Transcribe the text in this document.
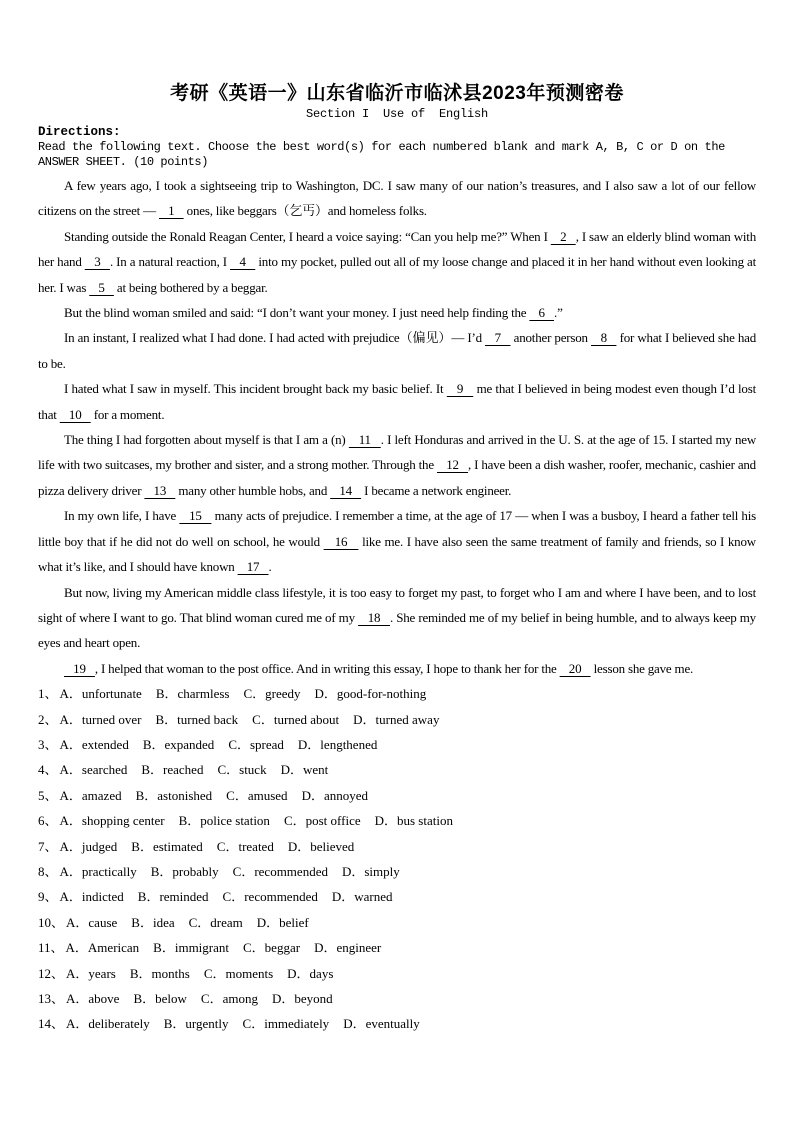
考研《英语一》山东省临沂市临沭县2023年预测密卷
Section I  Use of  English
Directions:
Read the following text. Choose the best word(s) for each numbered blank and mark A, B, C or D on the
ANSWER SHEET. (10 points)

A few years ago, I took a sightseeing trip to Washington, DC. I saw many of our nation’s treasures, and I also saw a lot of our fellow citizens on the street —    1    ones, like beggars（乞丐）and homeless folks.

Standing outside the Ronald Reagan Center, I heard a voice saying: “Can you help me?” When I    2   , I saw an elderly blind woman with her hand    3   . In a natural reaction, I    4    into my pocket, pulled out all of my loose change and placed it in her hand without even looking at her. I was    5    at being bothered by a beggar.

But the blind woman smiled and said: “I don’t want your money. I just need help finding the    6   .”

In an instant, I realized what I had done. I had acted with prejudice（偏见）— I’d    7    another person    8    for what I believed she had to be.

I hated what I saw in myself. This incident brought back my basic belief. It    9    me that I believed in being modest even though I’d lost that    10    for a moment.

The thing I had forgotten about myself is that I am a (n)    11   . I left Honduras and arrived in the U. S. at the age of 15. I started my new life with two suitcases, my brother and sister, and a strong mother. Through the    12   , I have been a dish washer, roofer, mechanic, cashier and pizza delivery driver    13    many other humble hobs, and    14    I became a network engineer.

In my own life, I have    15    many acts of prejudice. I remember a time, at the age of 17 — when I was a busboy, I heard a father tell his little boy that if he did not do well on school, he would    16    like me. I have also seen the same treatment of family and friends, so I know what it’s like, and I should have known    17   .

But now, living my American middle class lifestyle, it is too easy to forget my past, to forget who I am and where I have been, and to lost sight of where I want to go. That blind woman cured me of my    18   . She reminded me of my belief in being humble, and to always keep my eyes and heart open.

19   , I helped that woman to the post office. And in writing this essay, I hope to thank her for the    20    lesson she gave me.

1、 A．unfortunate B．charmless C．greedy D．good-for-nothing
2、 A．turned over B．turned back C．turned about D．turned away
3、 A．extended B．expanded C．spread D．lengthened
4、 A．searched B．reached C．stuck D．went
5、 A．amazed B．astonished C．amused D．annoyed
6、 A．shopping center B．police station C．post office D．bus station
7、 A．judged B．estimated C．treated D．believed
8、 A．practically B．probably C．recommended D．simply
9、 A．indicted B．reminded C．recommended D．warned
10、 A．cause B．idea C．dream D．belief
11、 A．American B．immigrant C．beggar D．engineer
12、 A．years B．months C．moments D．days
13、 A．above B．below C．among D．beyond
14、 A．deliberately B．urgently C．immediately D．eventually
